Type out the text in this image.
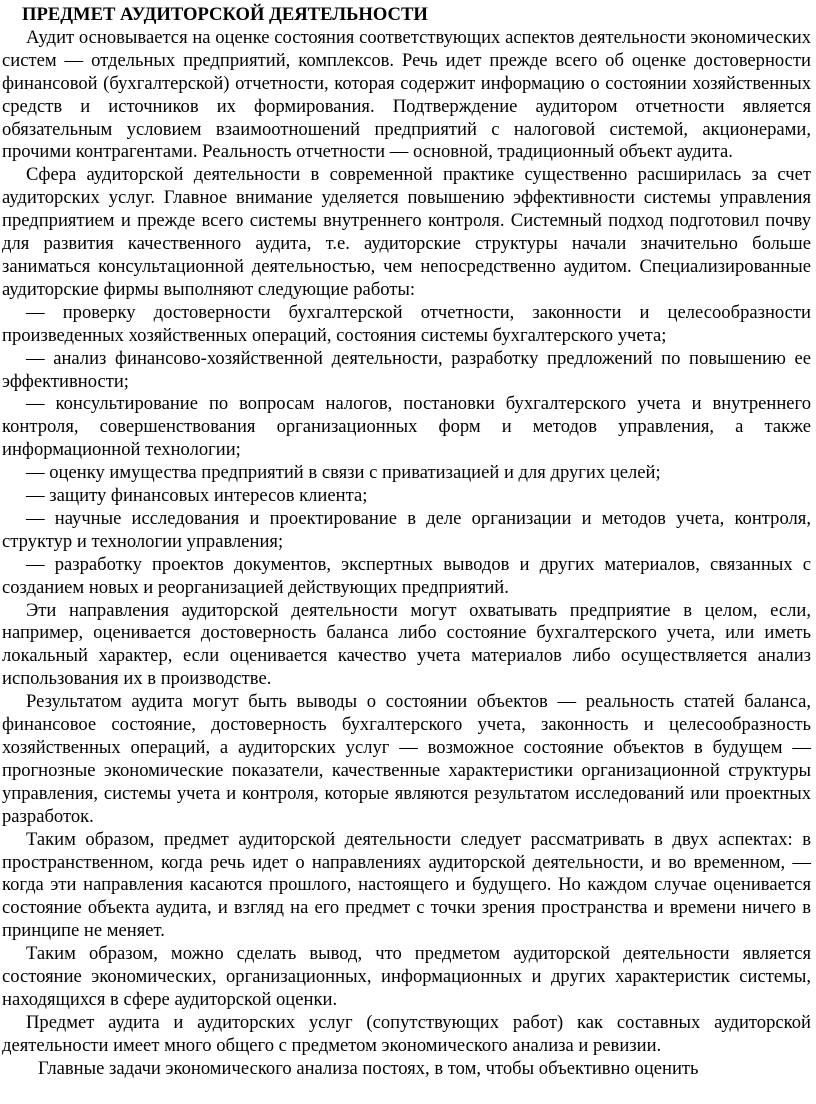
ПРЕДМЕТ АУДИТОРСКОЙ ДЕЯТЕЛЬНОСТИ

Аудит основывается на оценке состояния соответствующих аспектов деятельности экономических систем — отдельных предприятий, комплексов. Речь идет прежде всего об оценке достоверности финансовой (бухгалтерской) отчетности, которая содержит информацию о состоянии хозяйственных средств и источников их формирования. Подтверждение аудитором отчетности является обязательным условием взаимоотношений предприятий с налоговой системой, акционерами, прочими контрагентами. Реальность отчетности — основной, традиционный объект аудита.

Сфера аудиторской деятельности в современной практике существенно расширилась за счет аудиторских услуг. Главное внимание уделяется повышению эффективности системы управления предприятием и прежде всего системы внутреннего контроля. Системный подход подготовил почву для развития качественного аудита, т.е. аудиторские структуры начали значительно больше заниматься консультационной деятельностью, чем непосредственно аудитом. Специализированные аудиторские фирмы выполняют следующие работы:

— проверку достоверности бухгалтерской отчетности, законности и целесообразности произведенных хозяйственных операций, состояния системы бухгалтерского учета;

— анализ финансово-хозяйственной деятельности, разработку предложений по повышению ее эффективности;

— консультирование по вопросам налогов, постановки бухгалтерского учета и внутреннего контроля, совершенствования организационных форм и методов управления, а также информационной технологии;

— оценку имущества предприятий в связи с приватизацией и для других целей;

— защиту финансовых интересов клиента;

— научные исследования и проектирование в деле организации и методов учета, контроля, структур и технологии управления;

— разработку проектов документов, экспертных выводов и других материалов, связанных с созданием новых и реорганизацией действующих предприятий.

Эти направления аудиторской деятельности могут охватывать предприятие в целом, если, например, оценивается достоверность баланса либо состояние бухгалтерского учета, или иметь локальный характер, если оценивается качество учета материалов либо осуществляется анализ использования их в производстве.

Результатом аудита могут быть выводы о состоянии объектов — реальность статей баланса, финансовое состояние, достоверность бухгалтерского учета, законность и целесообразность хозяйственных операций, а аудиторских услуг — возможное состояние объектов в будущем — прогнозные экономические показатели, качественные характеристики организационной структуры управления, системы учета и контроля, которые являются результатом исследований или проектных разработок.

Таким образом, предмет аудиторской деятельности следует рассматривать в двух аспектах: в пространственном, когда речь идет о направлениях аудиторской деятельности, и во временном, — когда эти направления касаются прошлого, настоящего и будущего. Но каждом случае оценивается состояние объекта аудита, и взгляд на его предмет с точки зрения пространства и времени ничего в принципе не меняет.

Таким образом, можно сделать вывод, что предметом аудиторской деятельности является состояние экономических, организационных, информационных и других характеристик системы, находящихся в сфере аудиторской оценки.

Предмет аудита и аудиторских услуг (сопутствующих работ) как составных аудиторской деятельности имеет много общего с предметом экономического анализа и ревизии.

Главные задачи экономического анализа постоях, в том, чтобы объективно оценить
